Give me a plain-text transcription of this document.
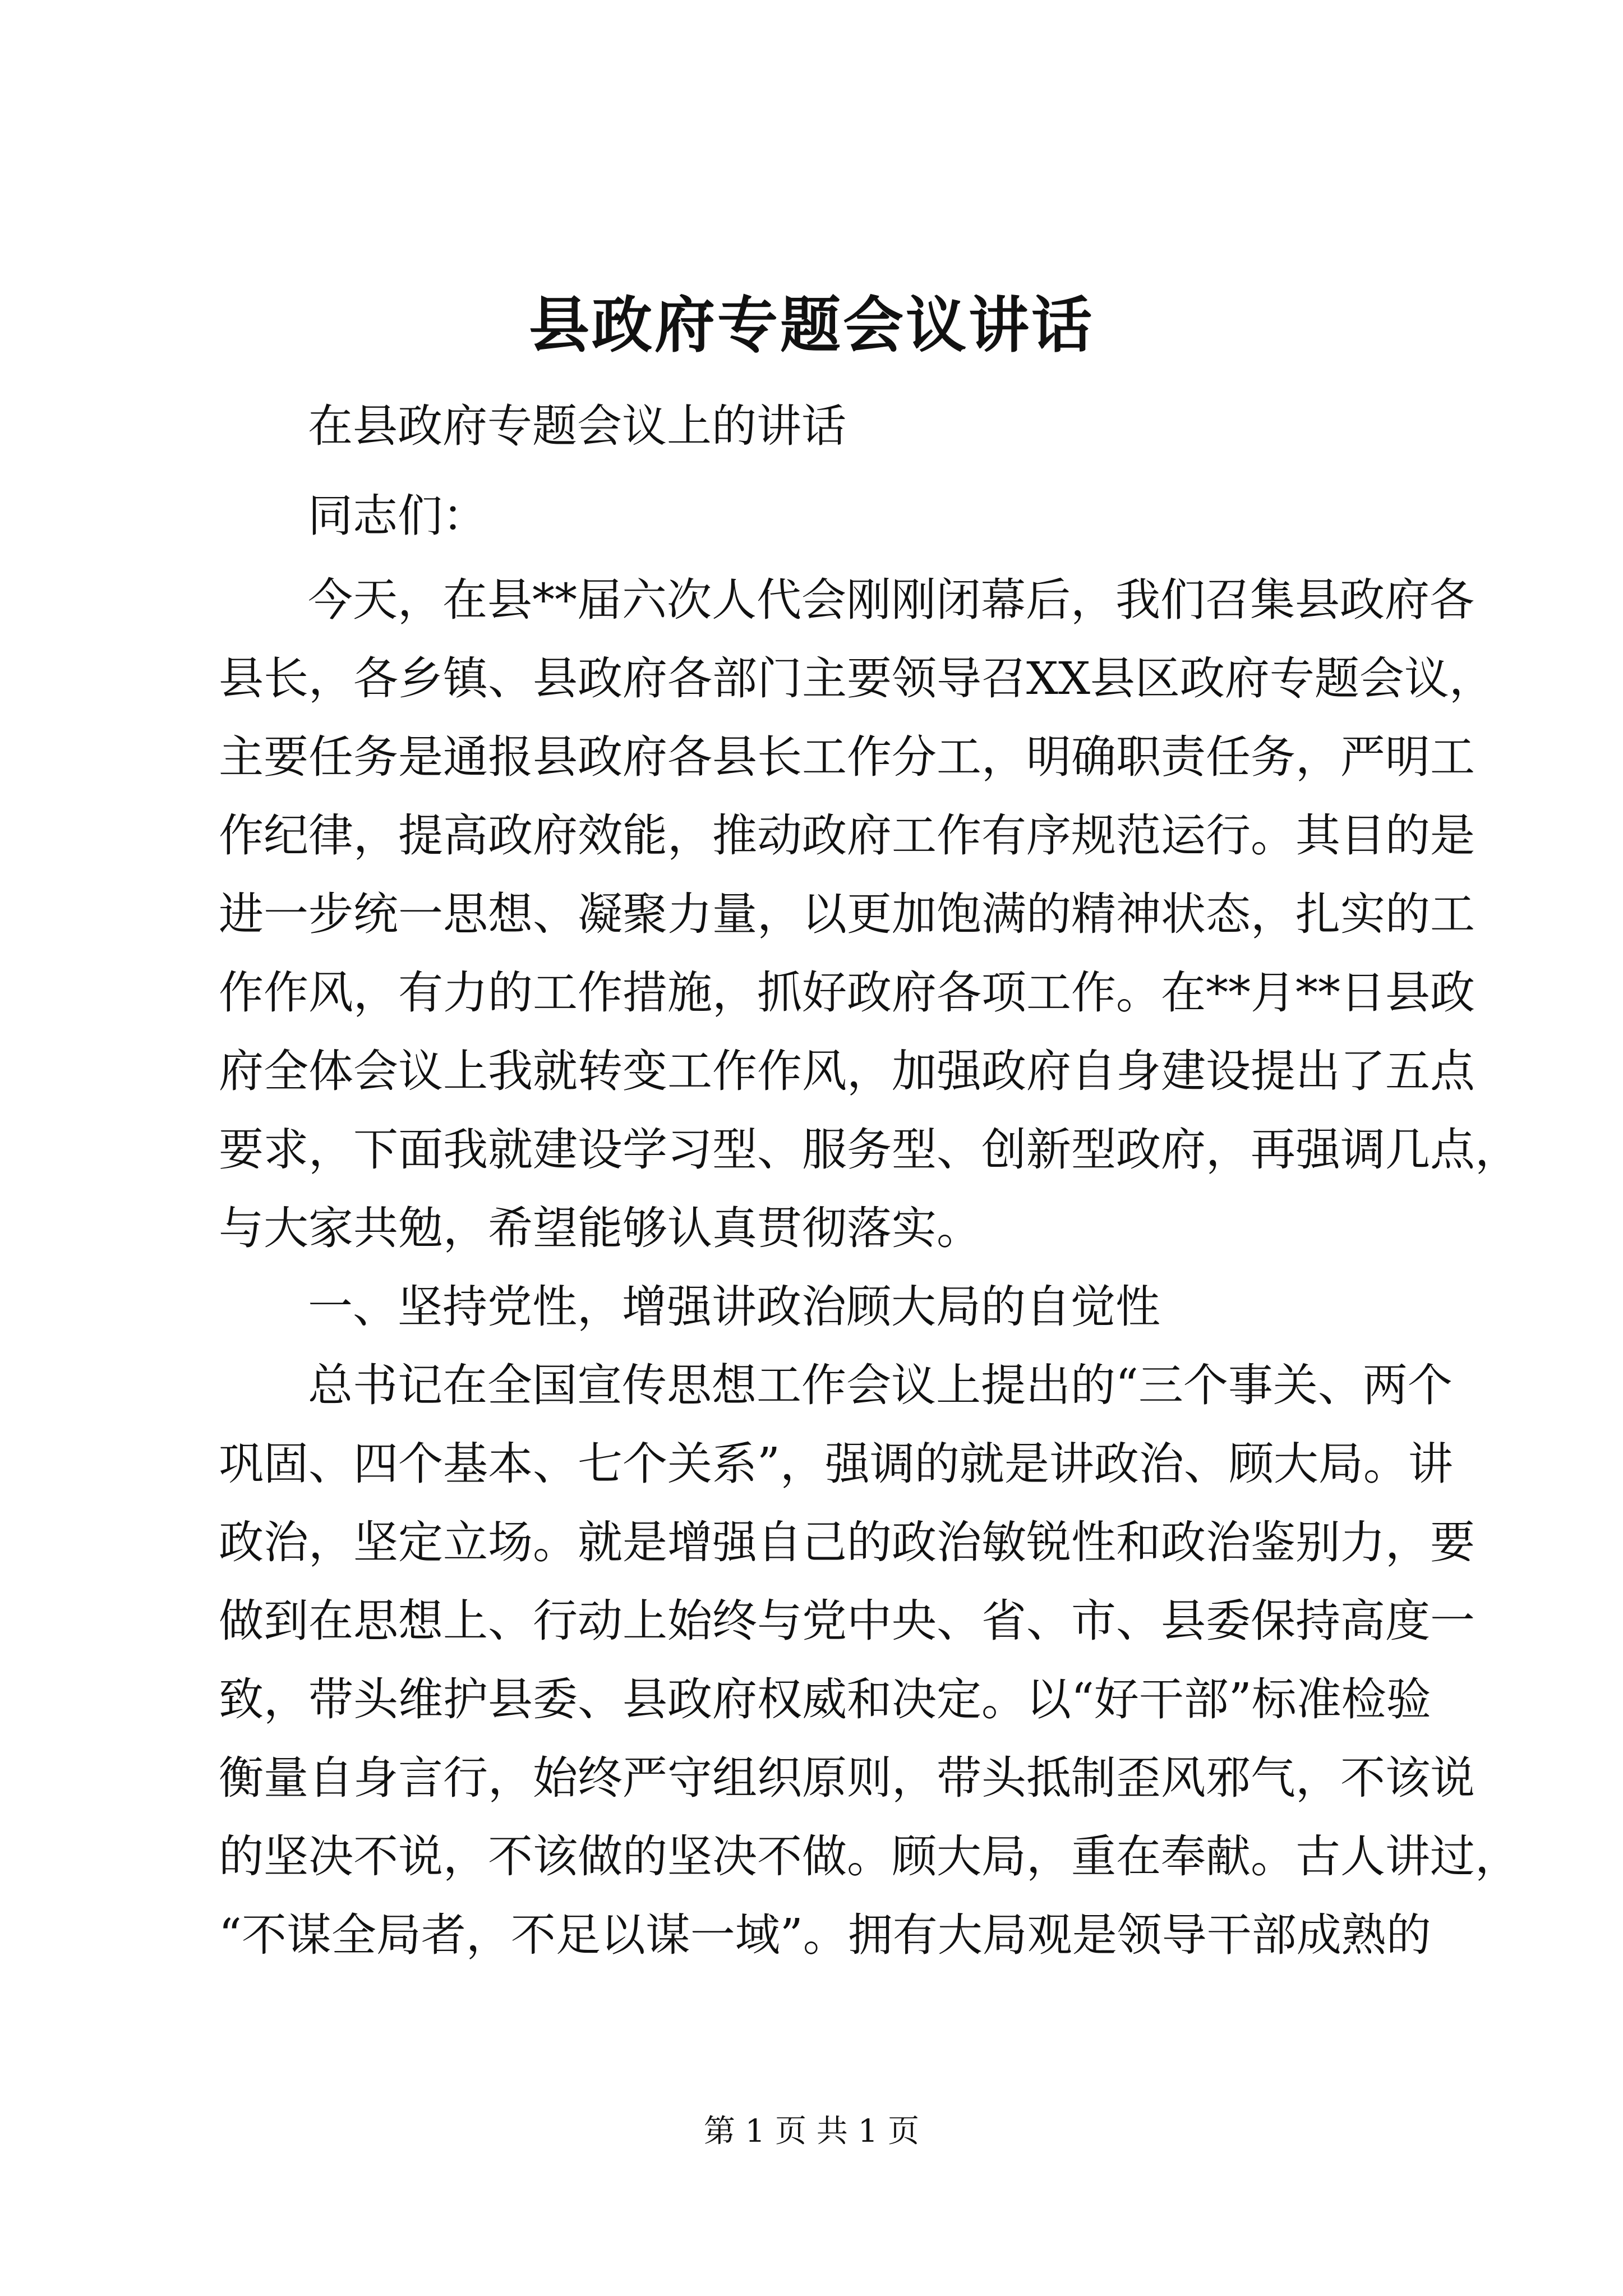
县政府专题会议讲话
在县政府专题会议上的讲话
同志们：
今天，在县**届六次人代会刚刚闭幕后，我们召集县政府各
县长，各乡镇、县政府各部门主要领导召XX县区政府专题会议，
主要任务是通报县政府各县长工作分工，明确职责任务，严明工
作纪律，提高政府效能，推动政府工作有序规范运行。其目的是
进一步统一思想、凝聚力量，以更加饱满的精神状态，扎实的工
作作风，有力的工作措施，抓好政府各项工作。在**月**日县政
府全体会议上我就转变工作作风，加强政府自身建设提出了五点
要求，下面我就建设学习型、服务型、创新型政府，再强调几点，
与大家共勉，希望能够认真贯彻落实。
一、坚持党性，增强讲政治顾大局的自觉性
总书记在全国宣传思想工作会议上提出的“三个事关、两个
巩固、四个基本、七个关系”，强调的就是讲政治、顾大局。讲
政治，坚定立场。就是增强自己的政治敏锐性和政治鉴别力，要
做到在思想上、行动上始终与党中央、省、市、县委保持高度一
致，带头维护县委、县政府权威和决定。以“好干部”标准检验
衡量自身言行，始终严守组织原则，带头抵制歪风邪气，不该说
的坚决不说，不该做的坚决不做。顾大局，重在奉献。古人讲过，
“不谋全局者，不足以谋一域”。拥有大局观是领导干部成熟的
第 1 页 共 1 页
